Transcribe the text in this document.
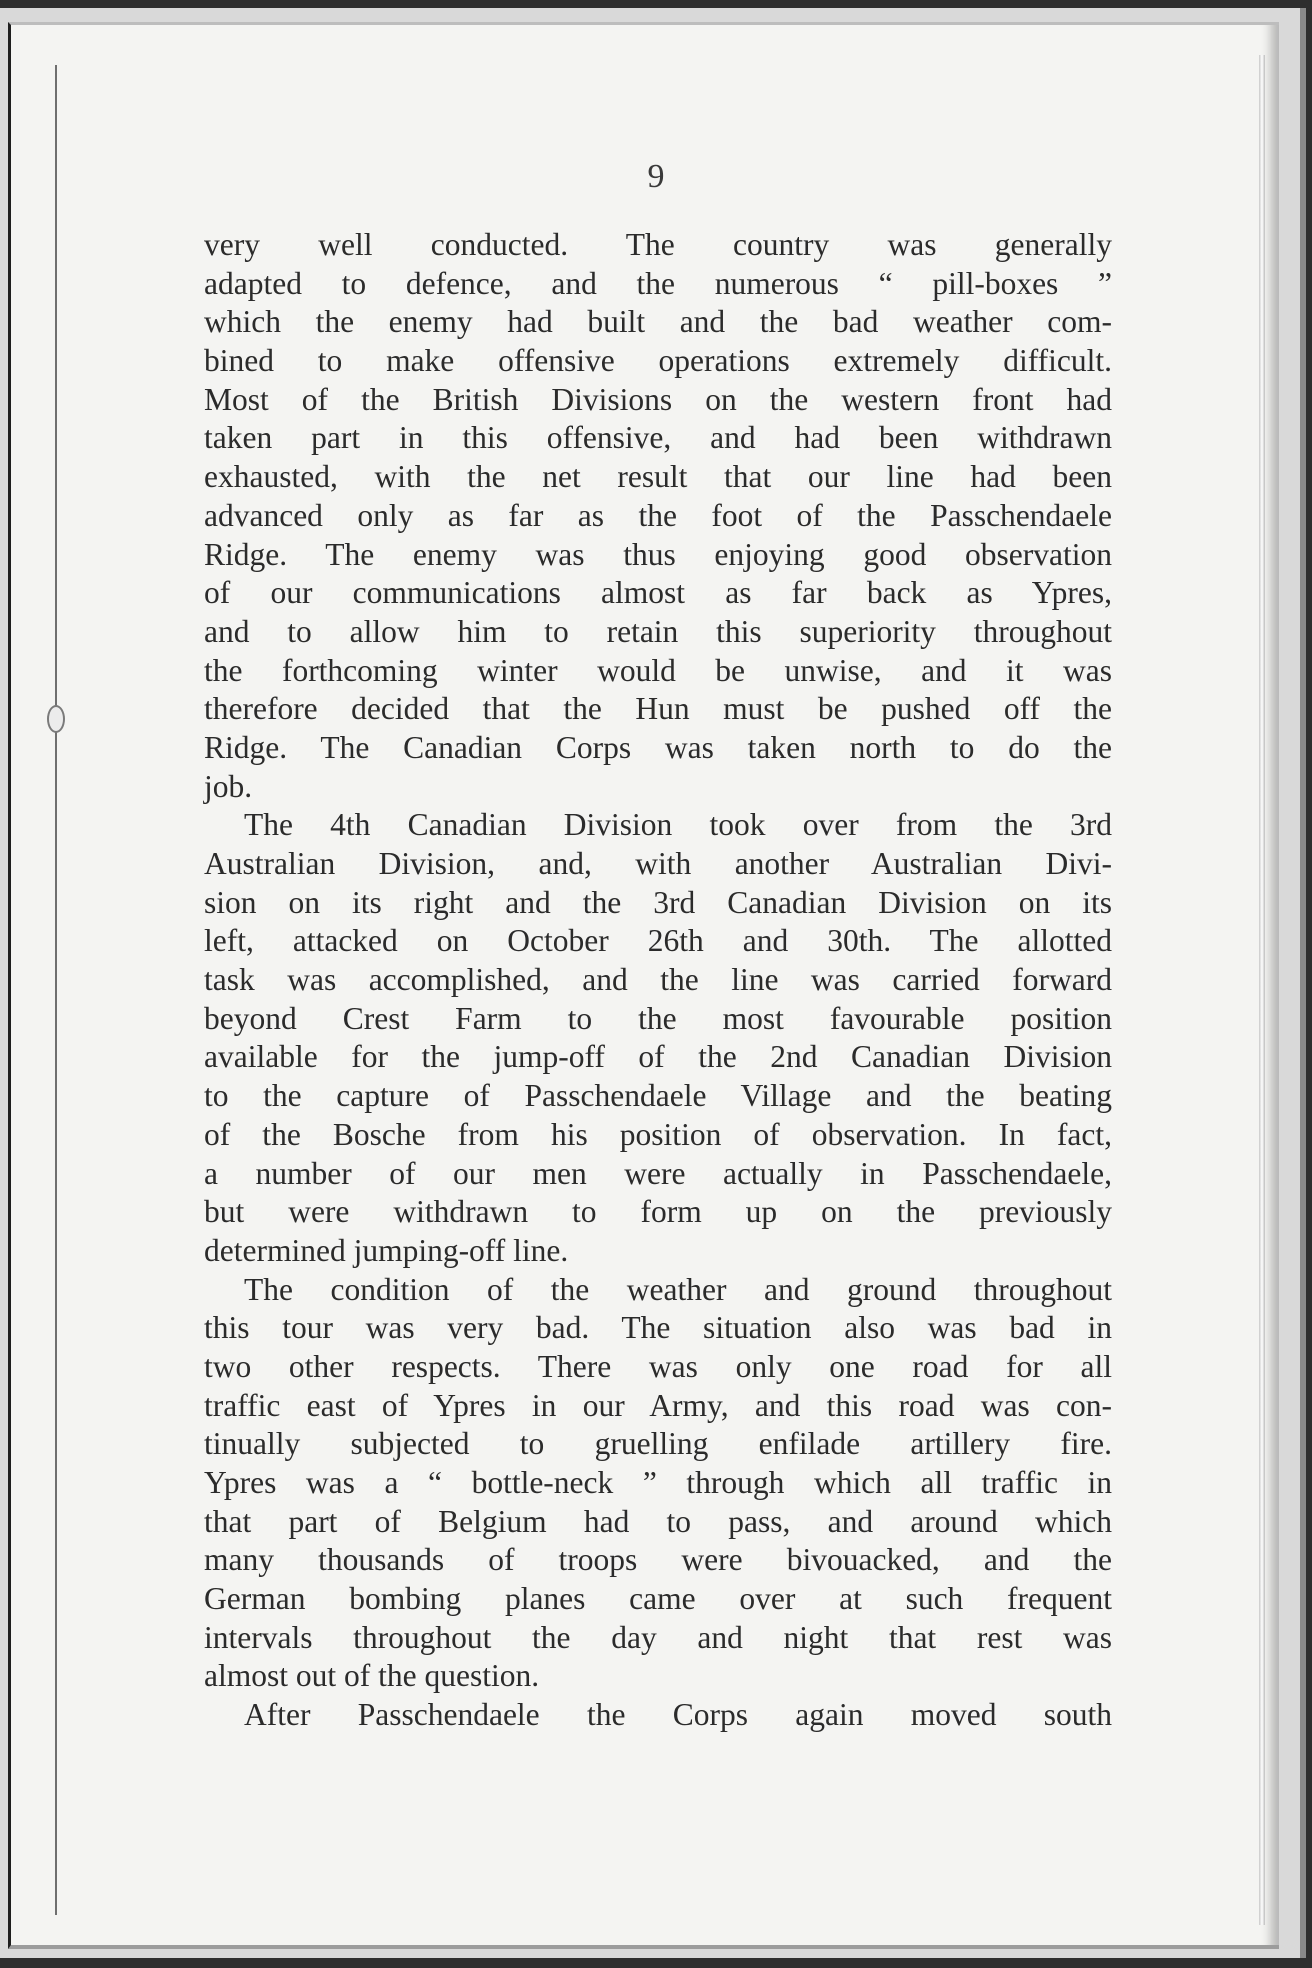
9
very well conducted. The country was generally
adapted to defence, and the numerous “ pill-boxes ”
which the enemy had built and the bad weather com-
bined to make offensive operations extremely difficult.
Most of the British Divisions on the western front had
taken part in this offensive, and had been withdrawn
exhausted, with the net result that our line had been
advanced only as far as the foot of the Passchendaele
Ridge. The enemy was thus enjoying good observation
of our communications almost as far back as Ypres,
and to allow him to retain this superiority throughout
the forthcoming winter would be unwise, and it was
therefore decided that the Hun must be pushed off the
Ridge. The Canadian Corps was taken north to do the
job.
The 4th Canadian Division took over from the 3rd
Australian Division, and, with another Australian Divi-
sion on its right and the 3rd Canadian Division on its
left, attacked on October 26th and 30th. The allotted
task was accomplished, and the line was carried forward
beyond Crest Farm to the most favourable position
available for the jump-off of the 2nd Canadian Division
to the capture of Passchendaele Village and the beating
of the Bosche from his position of observation. In fact,
a number of our men were actually in Passchendaele,
but were withdrawn to form up on the previously
determined jumping-off line.
The condition of the weather and ground throughout
this tour was very bad. The situation also was bad in
two other respects. There was only one road for all
traffic east of Ypres in our Army, and this road was con-
tinually subjected to gruelling enfilade artillery fire.
Ypres was a “ bottle-neck ” through which all traffic in
that part of Belgium had to pass, and around which
many thousands of troops were bivouacked, and the
German bombing planes came over at such frequent
intervals throughout the day and night that rest was
almost out of the question.
After Passchendaele the Corps again moved south
